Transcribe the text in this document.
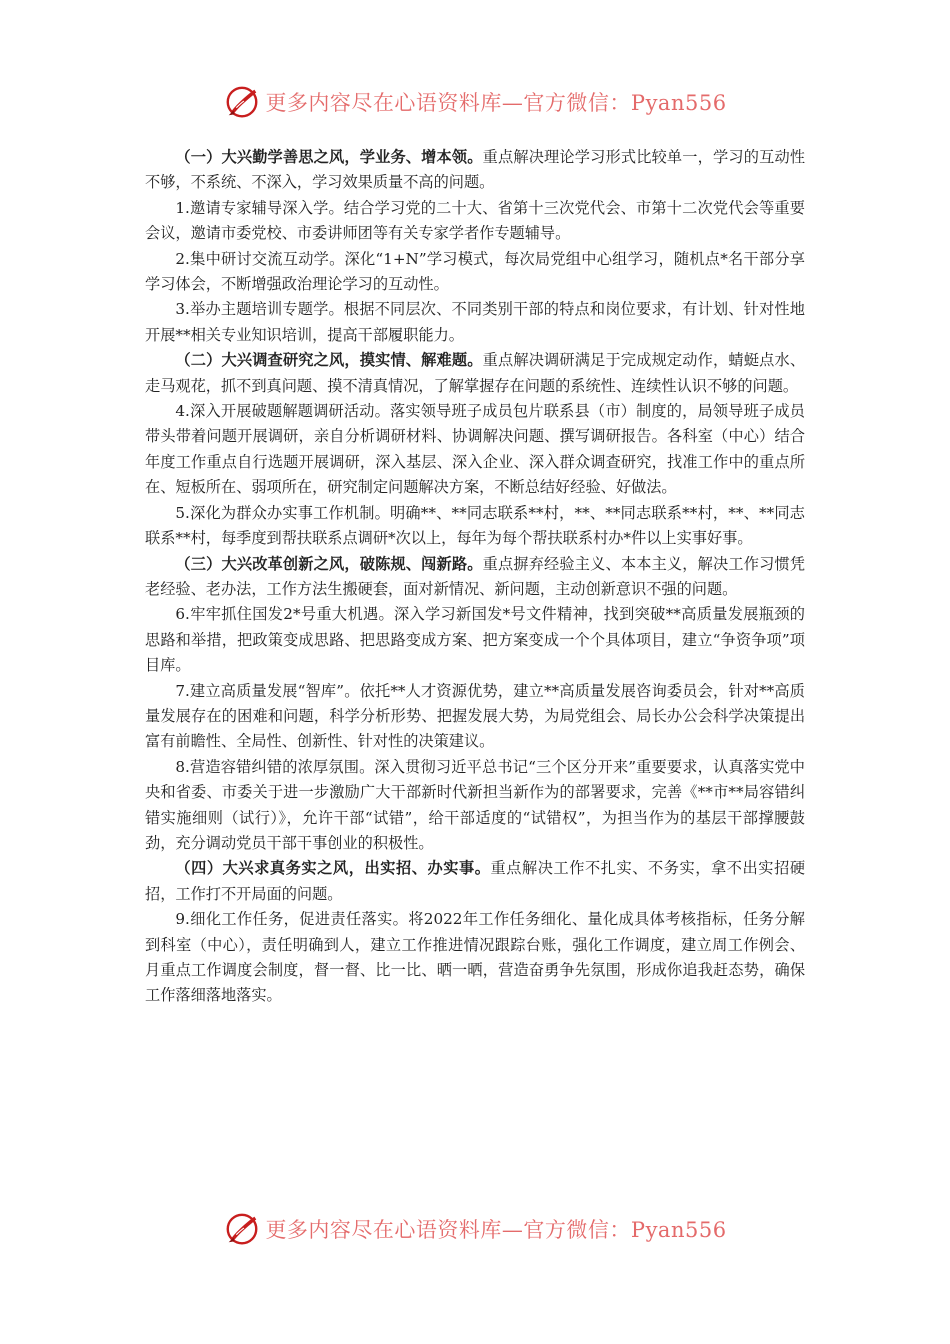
更多内容尽在心语资料库—官方微信：Pyan556

（一）大兴勤学善思之风，学业务、增本领。重点解决理论学习形式比较单一，学习的互动性不够，不系统、不深入，学习效果质量不高的问题。

1.邀请专家辅导深入学。结合学习党的二十大、省第十三次党代会、市第十二次党代会等重要会议，邀请市委党校、市委讲师团等有关专家学者作专题辅导。

2.集中研讨交流互动学。深化“1+N”学习模式，每次局党组中心组学习，随机点*名干部分享学习体会，不断增强政治理论学习的互动性。

3.举办主题培训专题学。根据不同层次、不同类别干部的特点和岗位要求，有计划、针对性地开展**相关专业知识培训，提高干部履职能力。

（二）大兴调查研究之风，摸实情、解难题。重点解决调研满足于完成规定动作，蜻蜓点水、走马观花，抓不到真问题、摸不清真情况，了解掌握存在问题的系统性、连续性认识不够的问题。

4.深入开展破题解题调研活动。落实领导班子成员包片联系县（市）制度的，局领导班子成员带头带着问题开展调研，亲自分析调研材料、协调解决问题、撰写调研报告。各科室（中心）结合年度工作重点自行选题开展调研，深入基层、深入企业、深入群众调查研究，找准工作中的重点所在、短板所在、弱项所在，研究制定问题解决方案，不断总结好经验、好做法。

5.深化为群众办实事工作机制。明确**、**同志联系**村，**、**同志联系**村，**、**同志联系**村，每季度到帮扶联系点调研*次以上，每年为每个帮扶联系村办*件以上实事好事。

（三）大兴改革创新之风，破陈规、闯新路。重点摒弃经验主义、本本主义，解决工作习惯凭老经验、老办法，工作方法生搬硬套，面对新情况、新问题，主动创新意识不强的问题。

6.牢牢抓住国发2*号重大机遇。深入学习新国发*号文件精神，找到突破**高质量发展瓶颈的思路和举措，把政策变成思路、把思路变成方案、把方案变成一个个具体项目，建立“争资争项”项目库。

7.建立高质量发展“智库”。依托**人才资源优势，建立**高质量发展咨询委员会，针对**高质量发展存在的困难和问题，科学分析形势、把握发展大势，为局党组会、局长办公会科学决策提出富有前瞻性、全局性、创新性、针对性的决策建议。

8.营造容错纠错的浓厚氛围。深入贯彻习近平总书记“三个区分开来”重要要求，认真落实党中央和省委、市委关于进一步激励广大干部新时代新担当新作为的部署要求，完善《**市**局容错纠错实施细则（试行）》，允许干部“试错”，给干部适度的“试错权”，为担当作为的基层干部撑腰鼓劲，充分调动党员干部干事创业的积极性。

（四）大兴求真务实之风，出实招、办实事。重点解决工作不扎实、不务实，拿不出实招硬招，工作打不开局面的问题。

9.细化工作任务，促进责任落实。将2022年工作任务细化、量化成具体考核指标，任务分解到科室（中心），责任明确到人，建立工作推进情况跟踪台账，强化工作调度，建立周工作例会、月重点工作调度会制度，督一督、比一比、晒一晒，营造奋勇争先氛围，形成你追我赶态势，确保工作落细落地落实。

更多内容尽在心语资料库—官方微信：Pyan556
